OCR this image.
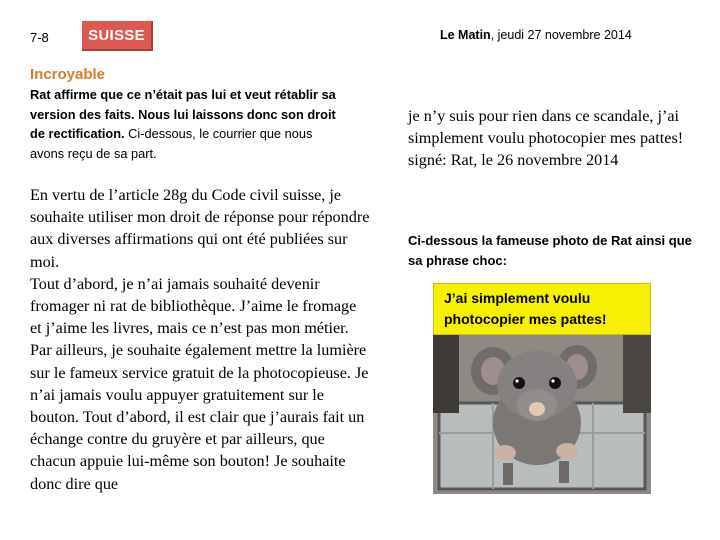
7-8	SUISSE	Le Matin, jeudi 27 novembre 2014
Incroyable
Rat affirme que ce n’était pas lui et veut rétablir sa version des faits. Nous lui laissons donc son droit de rectification. Ci-dessous, le courrier que nous avons reçu de sa part.

En vertu de l’article 28g du Code civil suisse, je souhaite utiliser mon droit de réponse pour répondre aux diverses affirmations qui ont été publiées sur moi.

Tout d’abord, je n’ai jamais souhaité devenir fromager ni rat de bibliothèque. J’aime le fromage et j’aime les livres, mais ce n’est pas mon métier.

Par ailleurs, je souhaite également mettre la lumière sur le fameux service gratuit de la photocopieuse. Je n’ai jamais voulu appuyer gratuitement sur le bouton. Tout d’abord, il est clair que j’aurais fait un échange contre du gruyère et par ailleurs, que chacun appuie lui-même son bouton! Je souhaite donc dire que

je n’y suis pour rien dans ce scandale, j’ai simplement voulu photocopier mes pattes!

signé: Rat, le 26 novembre 2014

Ci-dessous la fameuse photo de Rat ainsi que sa phrase choc:
J’ai simplement voulu photocopier mes pattes!
